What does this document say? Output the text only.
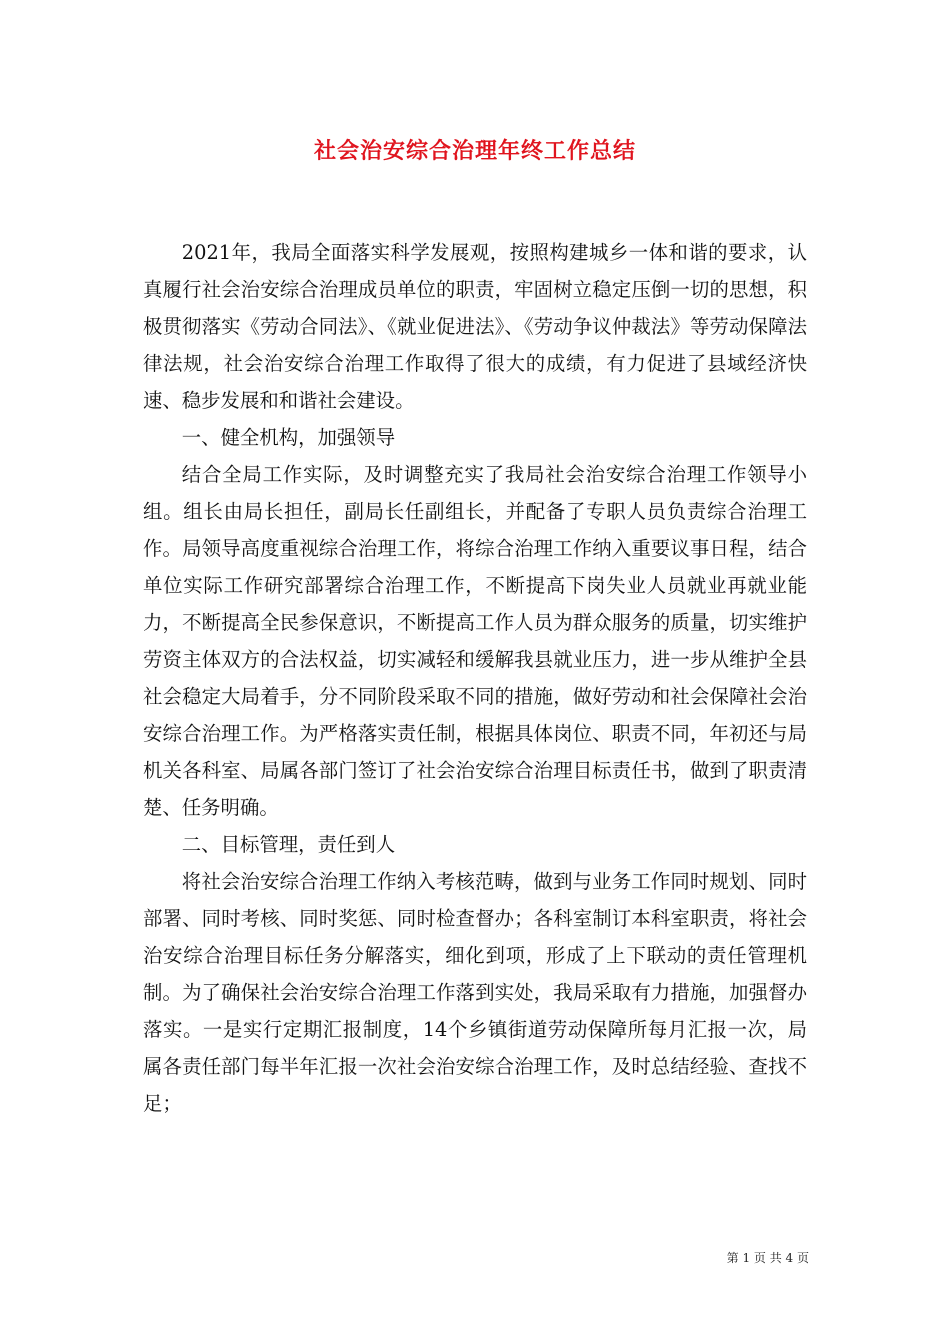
社会治安综合治理年终工作总结

2021年，我局全面落实科学发展观，按照构建城乡一体和谐的要求，认真履行社会治安综合治理成员单位的职责，牢固树立稳定压倒一切的思想，积极贯彻落实《劳动合同法》、《就业促进法》、《劳动争议仲裁法》等劳动保障法律法规，社会治安综合治理工作取得了很大的成绩，有力促进了县域经济快速、稳步发展和和谐社会建设。

一、健全机构，加强领导

结合全局工作实际，及时调整充实了我局社会治安综合治理工作领导小组。组长由局长担任，副局长任副组长，并配备了专职人员负责综合治理工作。局领导高度重视综合治理工作，将综合治理工作纳入重要议事日程，结合单位实际工作研究部署综合治理工作，不断提高下岗失业人员就业再就业能力，不断提高全民参保意识，不断提高工作人员为群众服务的质量，切实维护劳资主体双方的合法权益，切实减轻和缓解我县就业压力，进一步从维护全县社会稳定大局着手，分不同阶段采取不同的措施，做好劳动和社会保障社会治安综合治理工作。为严格落实责任制，根据具体岗位、职责不同，年初还与局机关各科室、局属各部门签订了社会治安综合治理目标责任书，做到了职责清楚、任务明确。

二、目标管理，责任到人

将社会治安综合治理工作纳入考核范畴，做到与业务工作同时规划、同时部署、同时考核、同时奖惩、同时检查督办；各科室制订本科室职责，将社会治安综合治理目标任务分解落实，细化到项，形成了上下联动的责任管理机制。为了确保社会治安综合治理工作落到实处，我局采取有力措施，加强督办落实。一是实行定期汇报制度，14个乡镇街道劳动保障所每月汇报一次，局属各责任部门每半年汇报一次社会治安综合治理工作，及时总结经验、查找不足；

第 1 页 共 4 页
